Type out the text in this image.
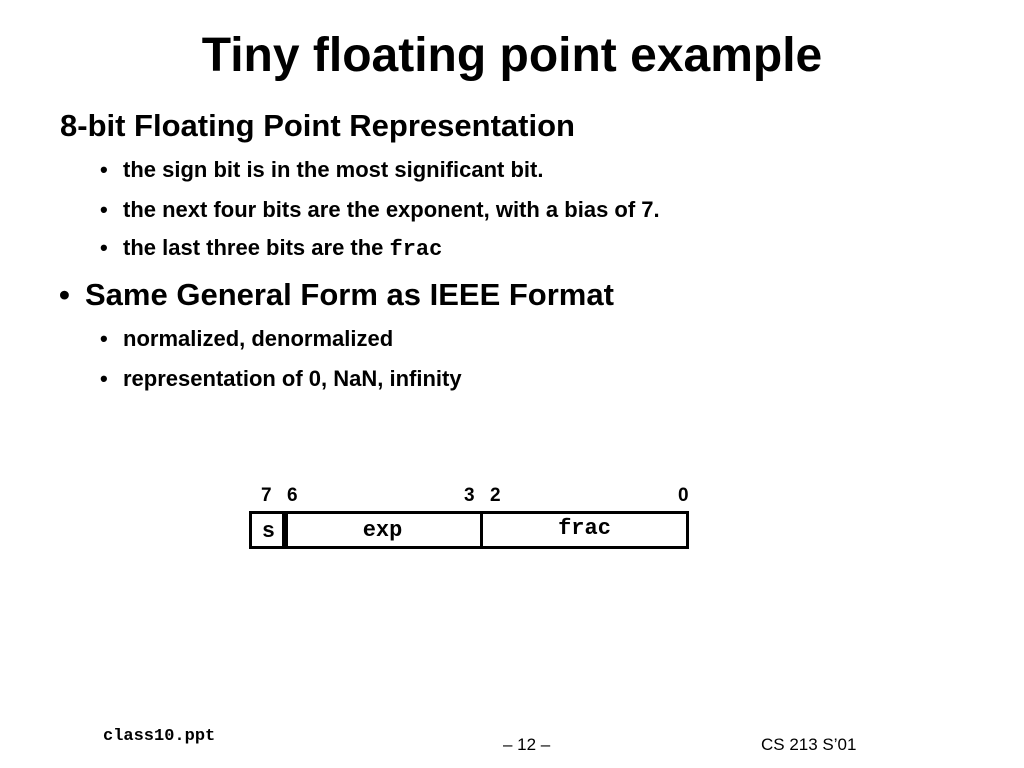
Tiny floating point example
8-bit Floating Point Representation
• the sign bit is in the most significant bit.
• the next four bits are the exponent, with a bias of 7.
• the last three bits are the frac
• Same General Form as IEEE Format
• normalized, denormalized
• representation of 0, NaN, infinity
7 6	3 2	0
s	exp	frac
class10.ppt	– 12 –	CS 213 S’01
